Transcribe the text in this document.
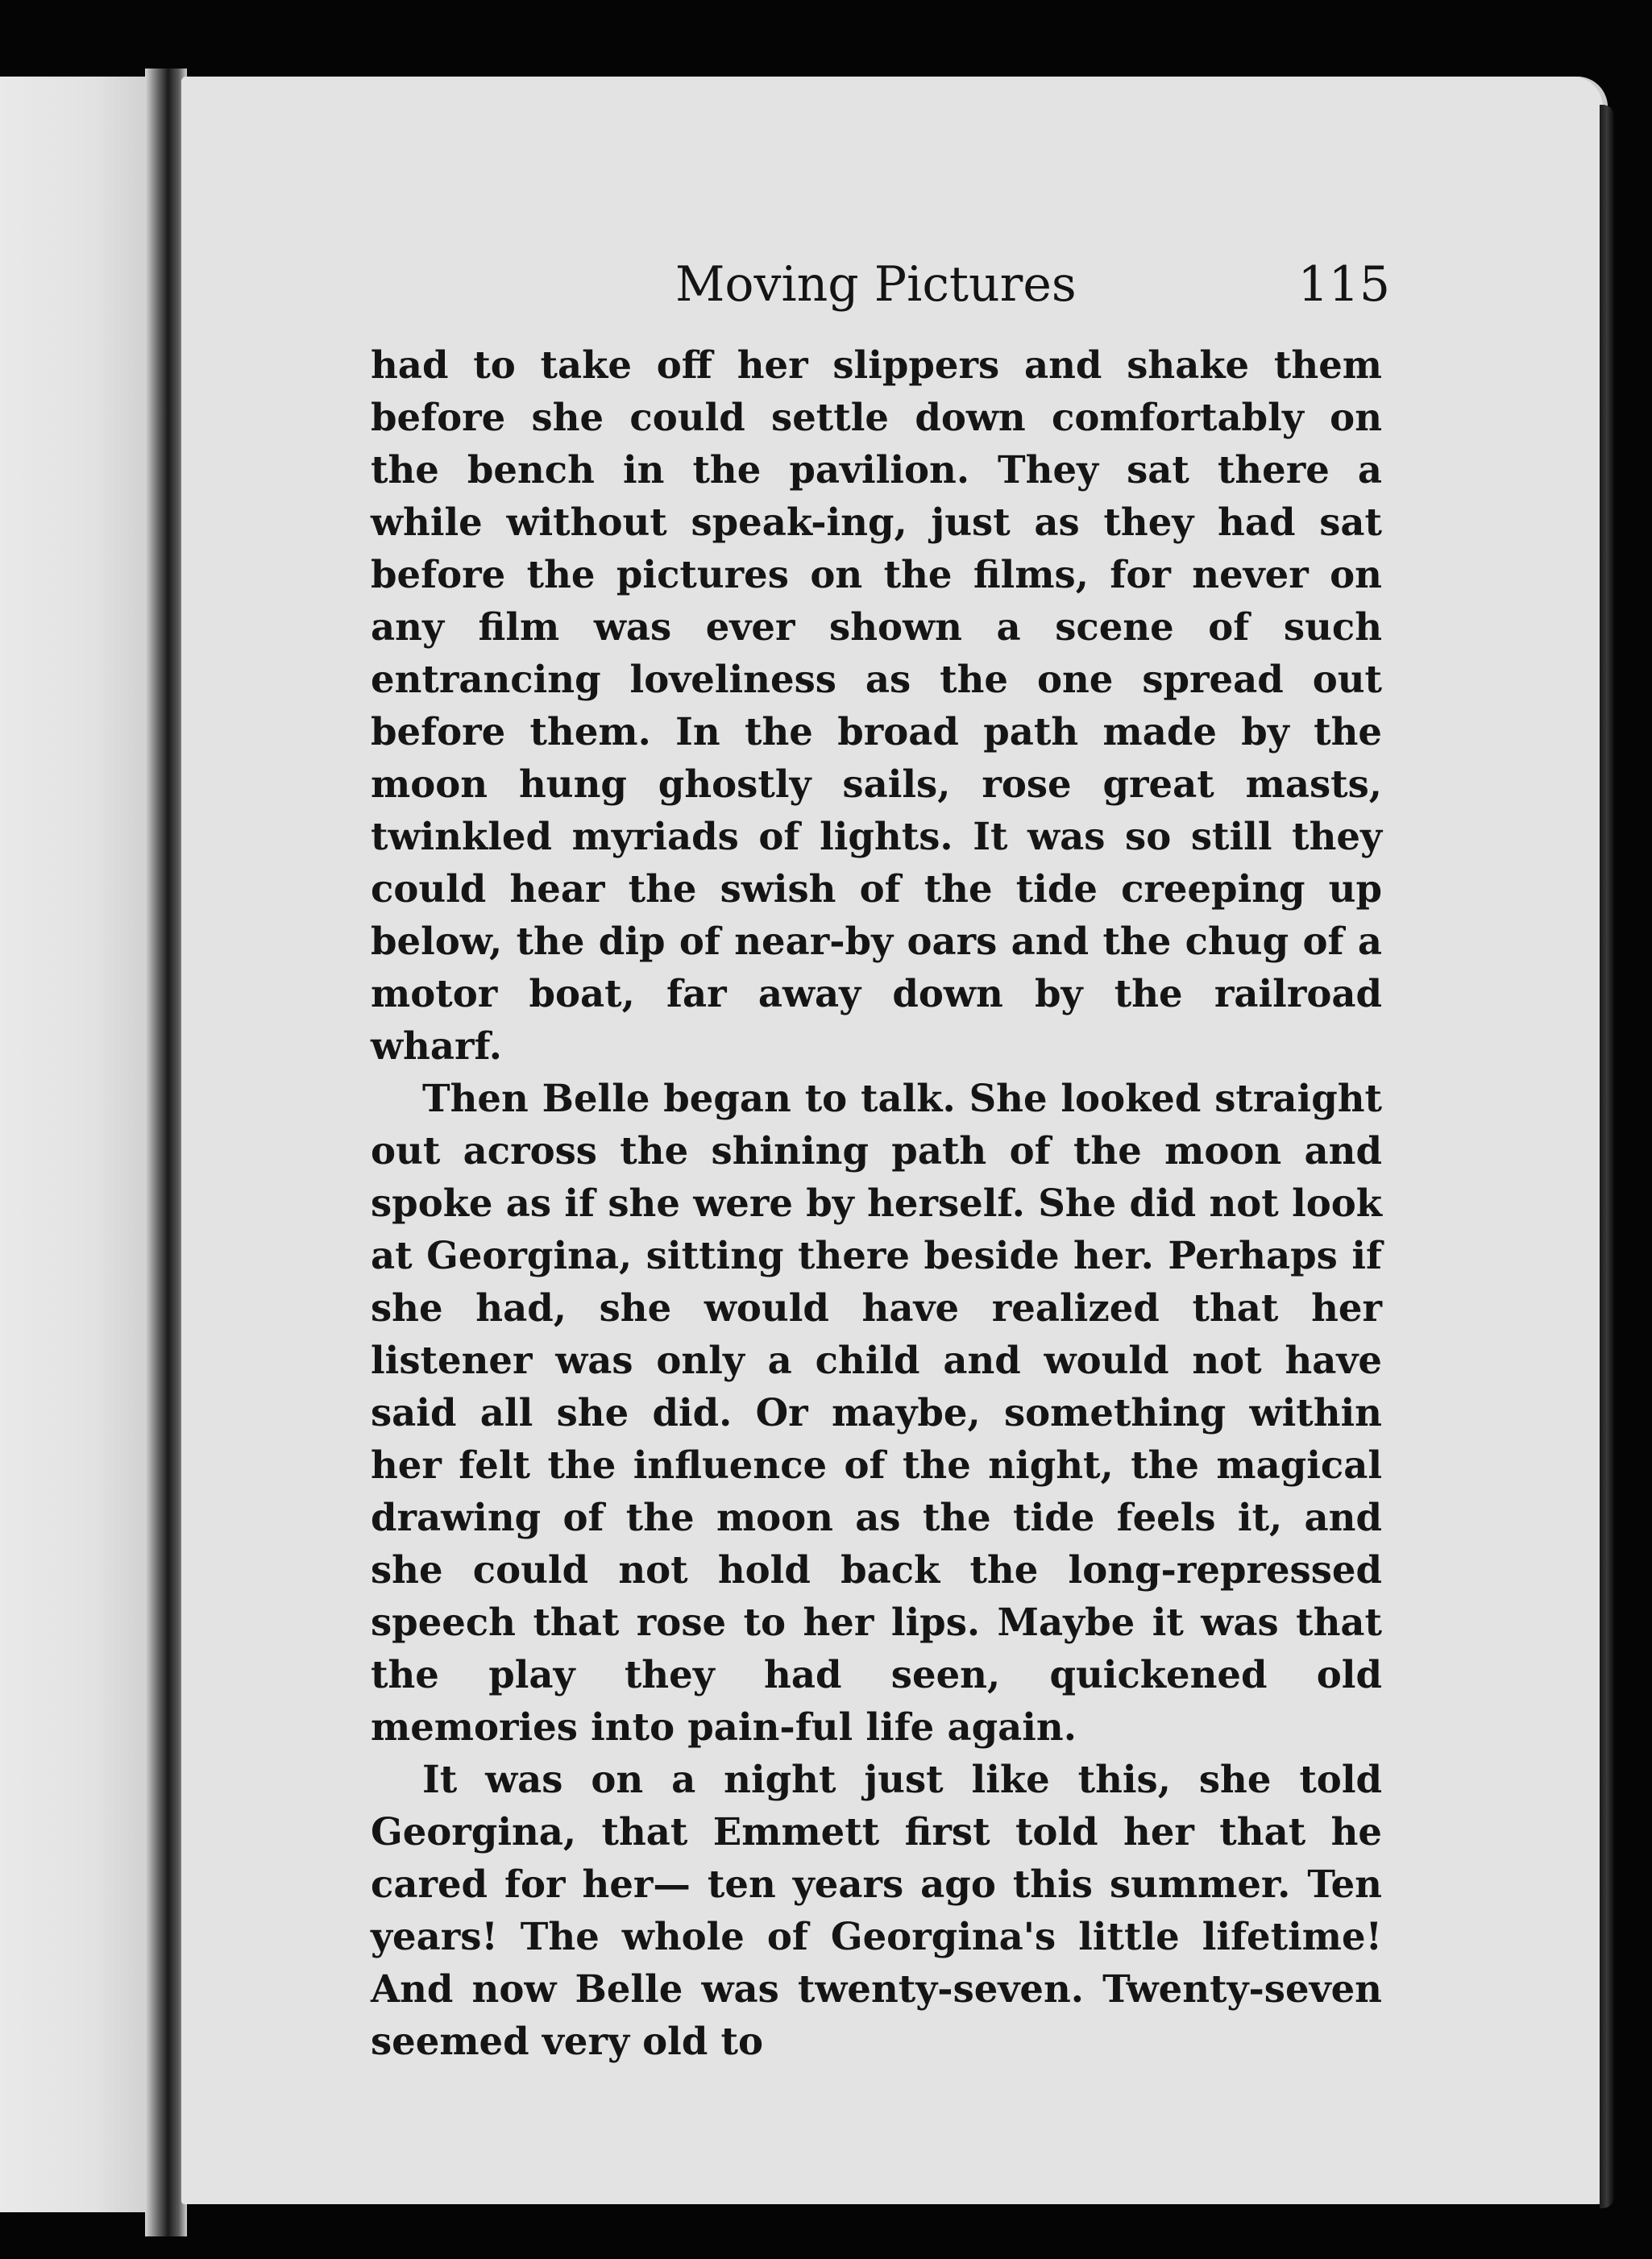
Moving Pictures	115

had to take off her slippers and shake them before she could settle down comfortably on the bench in the pavilion. They sat there a while without speak-ing, just as they had sat before the pictures on the films, for never on any film was ever shown a scene of such entrancing loveliness as the one spread out before them. In the broad path made by the moon hung ghostly sails, rose great masts, twinkled myriads of lights. It was so still they could hear the swish of the tide creeping up below, the dip of near-by oars and the chug of a motor boat, far away down by the railroad wharf.

Then Belle began to talk. She looked straight out across the shining path of the moon and spoke as if she were by herself. She did not look at Georgina, sitting there beside her. Perhaps if she had, she would have realized that her listener was only a child and would not have said all she did. Or maybe, something within her felt the influence of the night, the magical drawing of the moon as the tide feels it, and she could not hold back the long-repressed speech that rose to her lips. Maybe it was that the play they had seen, quickened old memories into pain-ful life again.

It was on a night just like this, she told Georgina, that Emmett first told her that he cared for her— ten years ago this summer. Ten years! The whole of Georgina's little lifetime! And now Belle was twenty-seven. Twenty-seven seemed very old to
